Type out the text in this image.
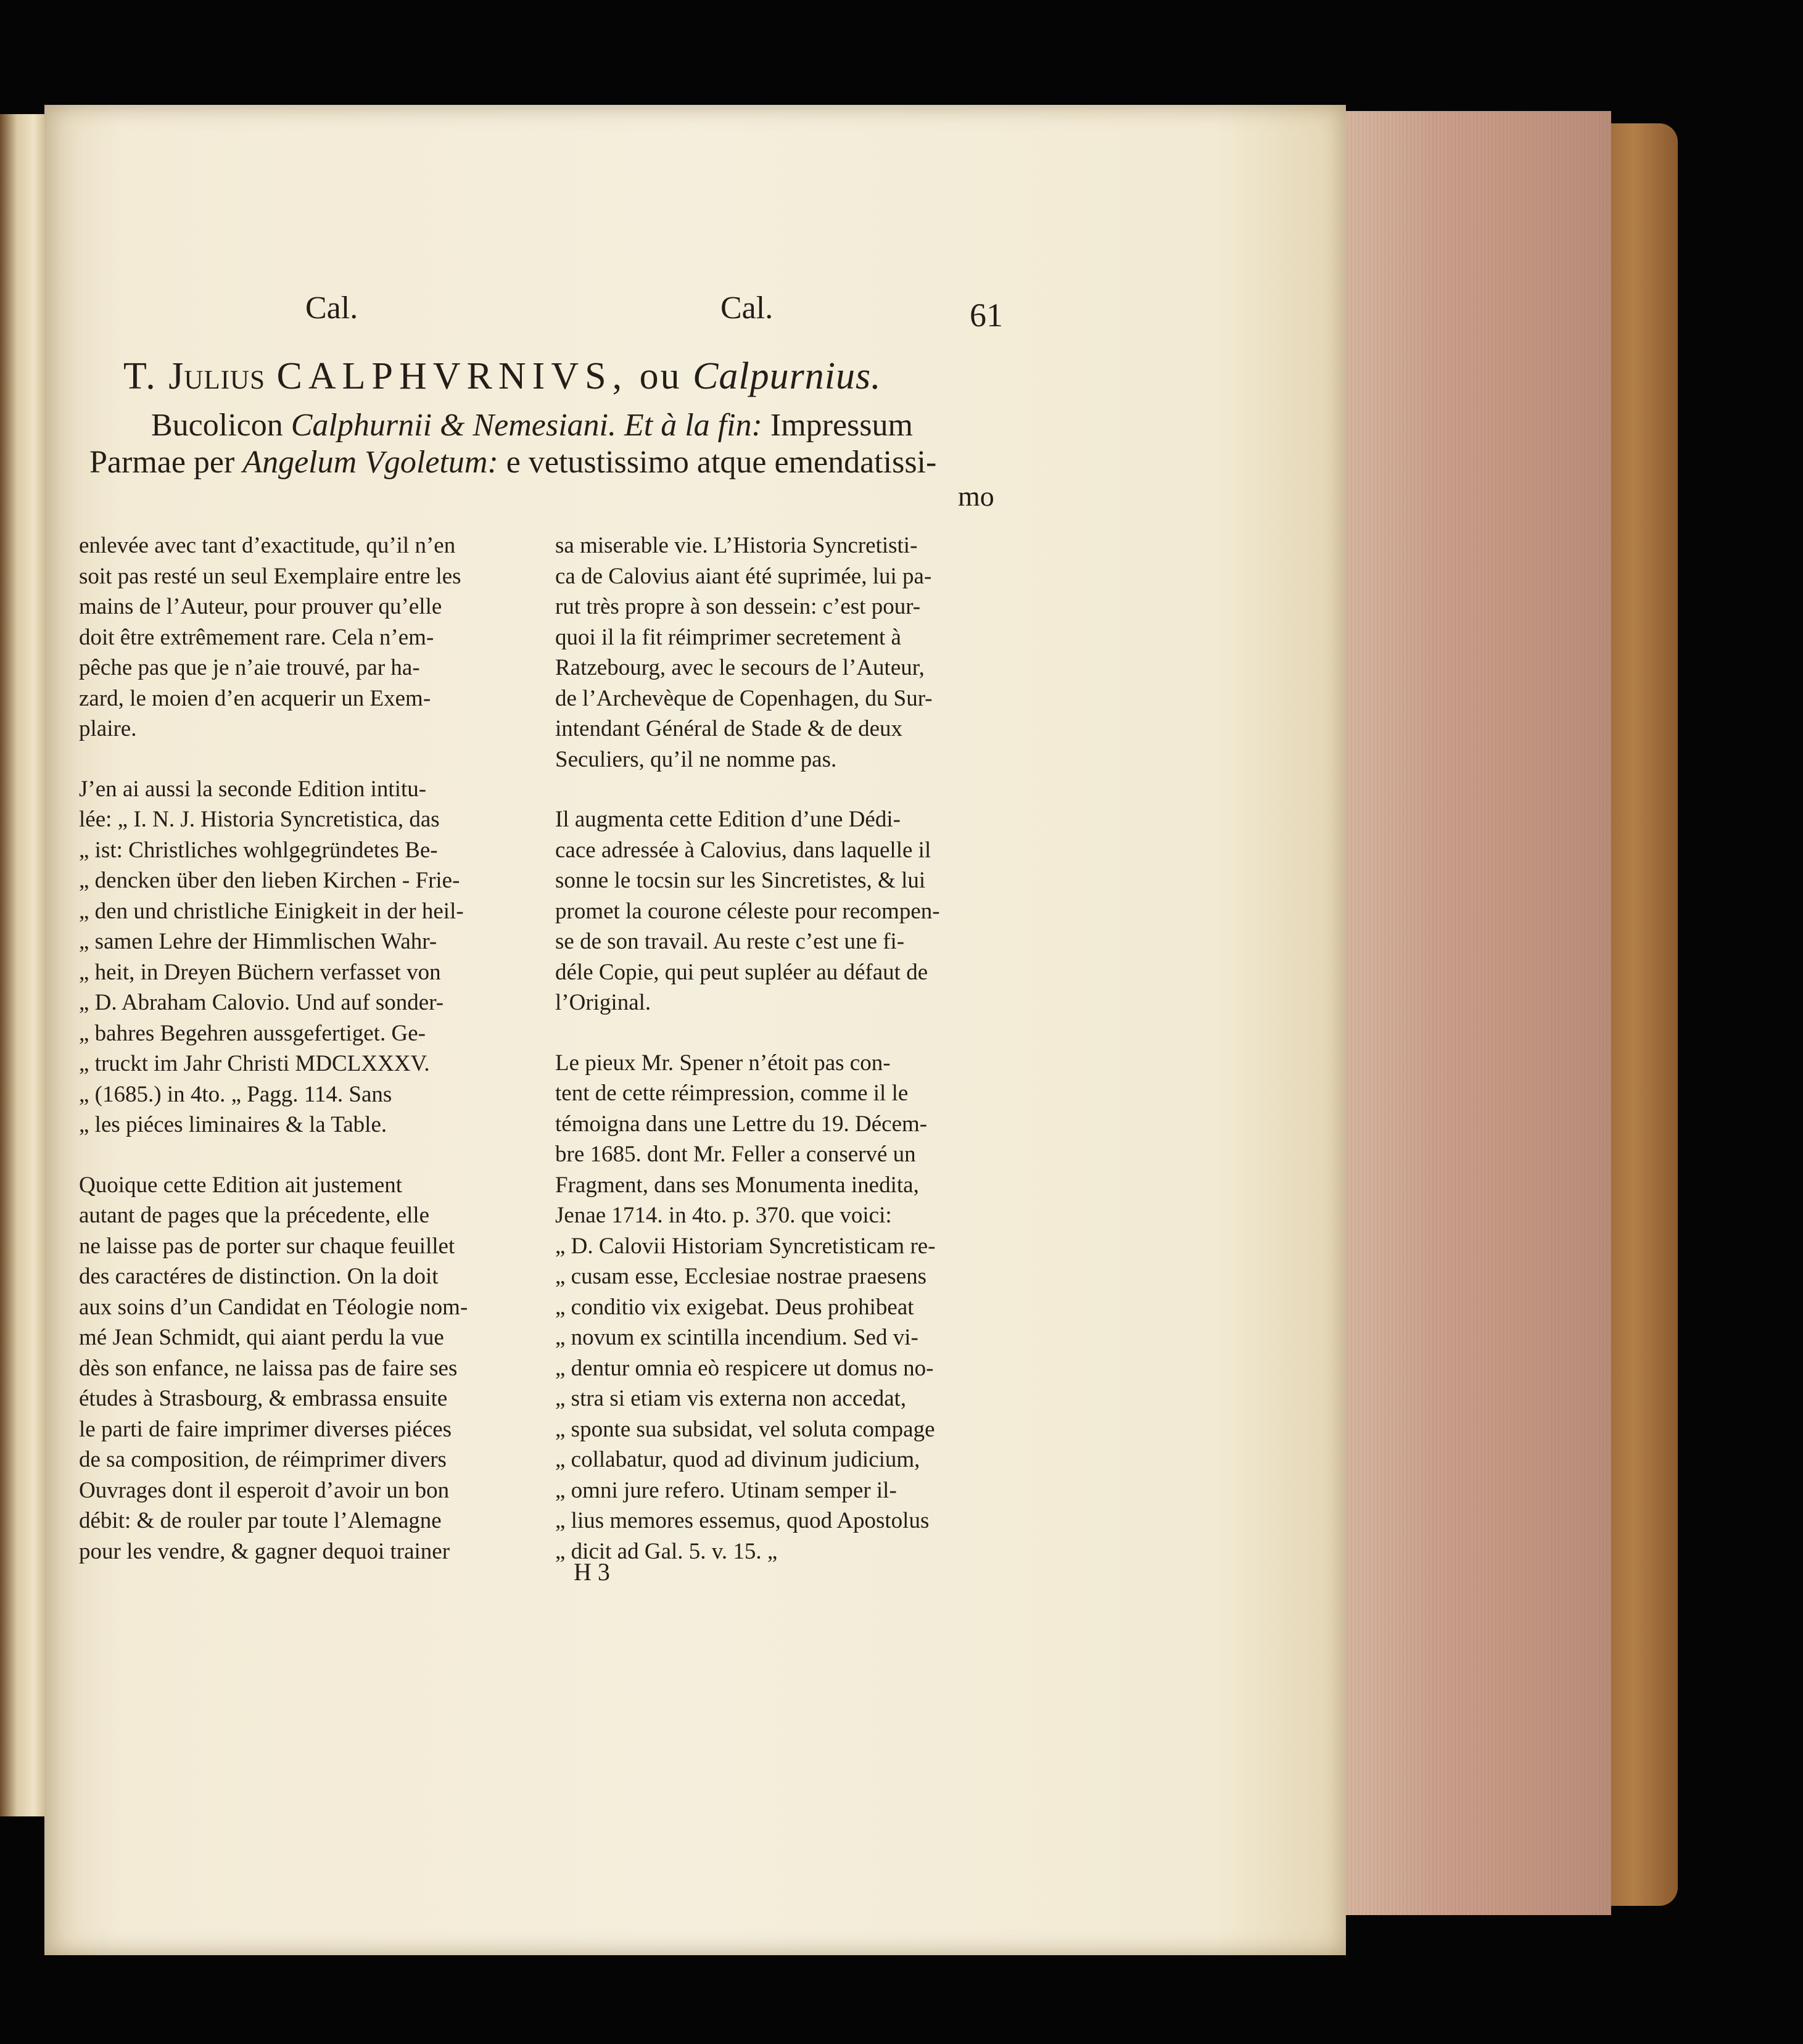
Cal.	Cal.	61
T. Julius CALPHVRNIVS, ou Calpurnius.
Bucolicon Calphurnii & Nemesiani. Et à la fin: Impressum
Parmae per Angelum Vgoletum: e vetustissimo atque emendatissi-
mo
enlevée avec tant d’exactitude, qu’il n’en
soit pas resté un seul Exemplaire entre les
mains de l’Auteur, pour prouver qu’elle
doit être extrêmement rare. Cela n’em-
pêche pas que je n’aie trouvé, par ha-
zard, le moien d’en acquerir un Exem-
plaire.
J’en ai aussi la seconde Edition intitu-
lée: „ I. N. J. Historia Syncretistica, das
„ ist: Christliches wohlgegründetes Be-
„ dencken über den lieben Kirchen - Frie-
„ den und christliche Einigkeit in der heil-
„ samen Lehre der Himmlischen Wahr-
„ heit, in Dreyen Büchern verfasset von
„ D. Abraham Calovio. Und auf sonder-
„ bahres Begehren aussgefertiget. Ge-
„ truckt im Jahr Christi MDCLXXXV.
„ (1685.) in 4to. „ Pagg. 114. Sans
„ les piéces liminaires & la Table.
Quoique cette Edition ait justement
autant de pages que la précedente, elle
ne laisse pas de porter sur chaque feuillet
des caractéres de distinction. On la doit
aux soins d’un Candidat en Téologie nom-
mé Jean Schmidt, qui aiant perdu la vue
dès son enfance, ne laissa pas de faire ses
études à Strasbourg, & embrassa ensuite
le parti de faire imprimer diverses piéces
de sa composition, de réimprimer divers
Ouvrages dont il esperoit d’avoir un bon
débit: & de rouler par toute l’Alemagne
pour les vendre, & gagner dequoi trainer
sa miserable vie. L’Historia Syncretisti-
ca de Calovius aiant été suprimée, lui pa-
rut très propre à son dessein: c’est pour-
quoi il la fit réimprimer secretement à
Ratzebourg, avec le secours de l’Auteur,
de l’Archevèque de Copenhagen, du Sur-
intendant Général de Stade & de deux
Seculiers, qu’il ne nomme pas.
Il augmenta cette Edition d’une Dédi-
cace adressée à Calovius, dans laquelle il
sonne le tocsin sur les Sincretistes, & lui
promet la courone céleste pour recompen-
se de son travail. Au reste c’est une fi-
déle Copie, qui peut supléer au défaut de
l’Original.
Le pieux Mr. Spener n’étoit pas con-
tent de cette réimpression, comme il le
témoigna dans une Lettre du 19. Décem-
bre 1685. dont Mr. Feller a conservé un
Fragment, dans ses Monumenta inedita,
Jenae 1714. in 4to. p. 370. que voici:
„ D. Calovii Historiam Syncretisticam re-
„ cusam esse, Ecclesiae nostrae praesens
„ conditio vix exigebat. Deus prohibeat
„ novum ex scintilla incendium. Sed vi-
„ dentur omnia eò respicere ut domus no-
„ stra si etiam vis externa non accedat,
„ sponte sua subsidat, vel soluta compage
„ collabatur, quod ad divinum judicium,
„ omni jure refero. Utinam semper il-
„ lius memores essemus, quod Apostolus
„ dicit ad Gal. 5. v. 15. „
H 3
